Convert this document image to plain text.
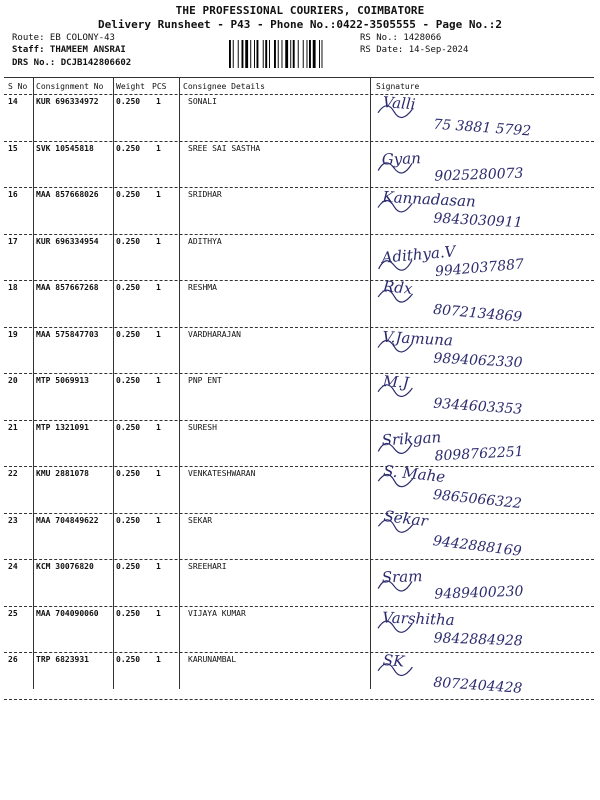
THE PROFESSIONAL COURIERS, COIMBATORE
Delivery Runsheet - P43 - Phone No.:0422-3505555 - Page No.:2
Route: EB COLONY-43
Staff: THAMEEM ANSRAI
DRS No.: DCJB142806602
RS No.: 1428066
RS Date: 14-Sep-2024
S No Consignment No Weight PCS Consignee Details	Signature
14 KUR 696334972 0.250 1	SONALI	Valli
75 3881 5792
15 SVK 10545818	0.250 1	SREE SAI SASTHA
Gyan
9025280073
16 MAA 857668026 0.250 1	SRIDHAR	Kannadasan
9843030911
17 KUR 696334954 0.250 1	ADITHYA
Adithya.V
9942037887
18 MAA 857667268 0.250 1	RESHMA	Rdx
8072134869
19 MAA 575847703 0.250 1	VARDHARAJAN	V.Jamuna
9894062330
20 MTP 5069913	0.250 1	PNP ENT	M.J
9344603353
21 MTP 1321091	0.250 1	SURESH
Srikgan
8098762251
22 KMU 2881078	0.250 1	VENKATESHWARAN	S. Mahe
9865066322
23 MAA 704849622 0.250 1	SEKAR	Sekar
9442888169
24 KCM 30076820	0.250 1	SREEHARI
Sram
9489400230
25 MAA 704090060 0.250 1	VIJAYA KUMAR	Varshitha
9842884928
26 TRP 6823931	0.250 1	KARUNAMBAL	SK
8072404428
